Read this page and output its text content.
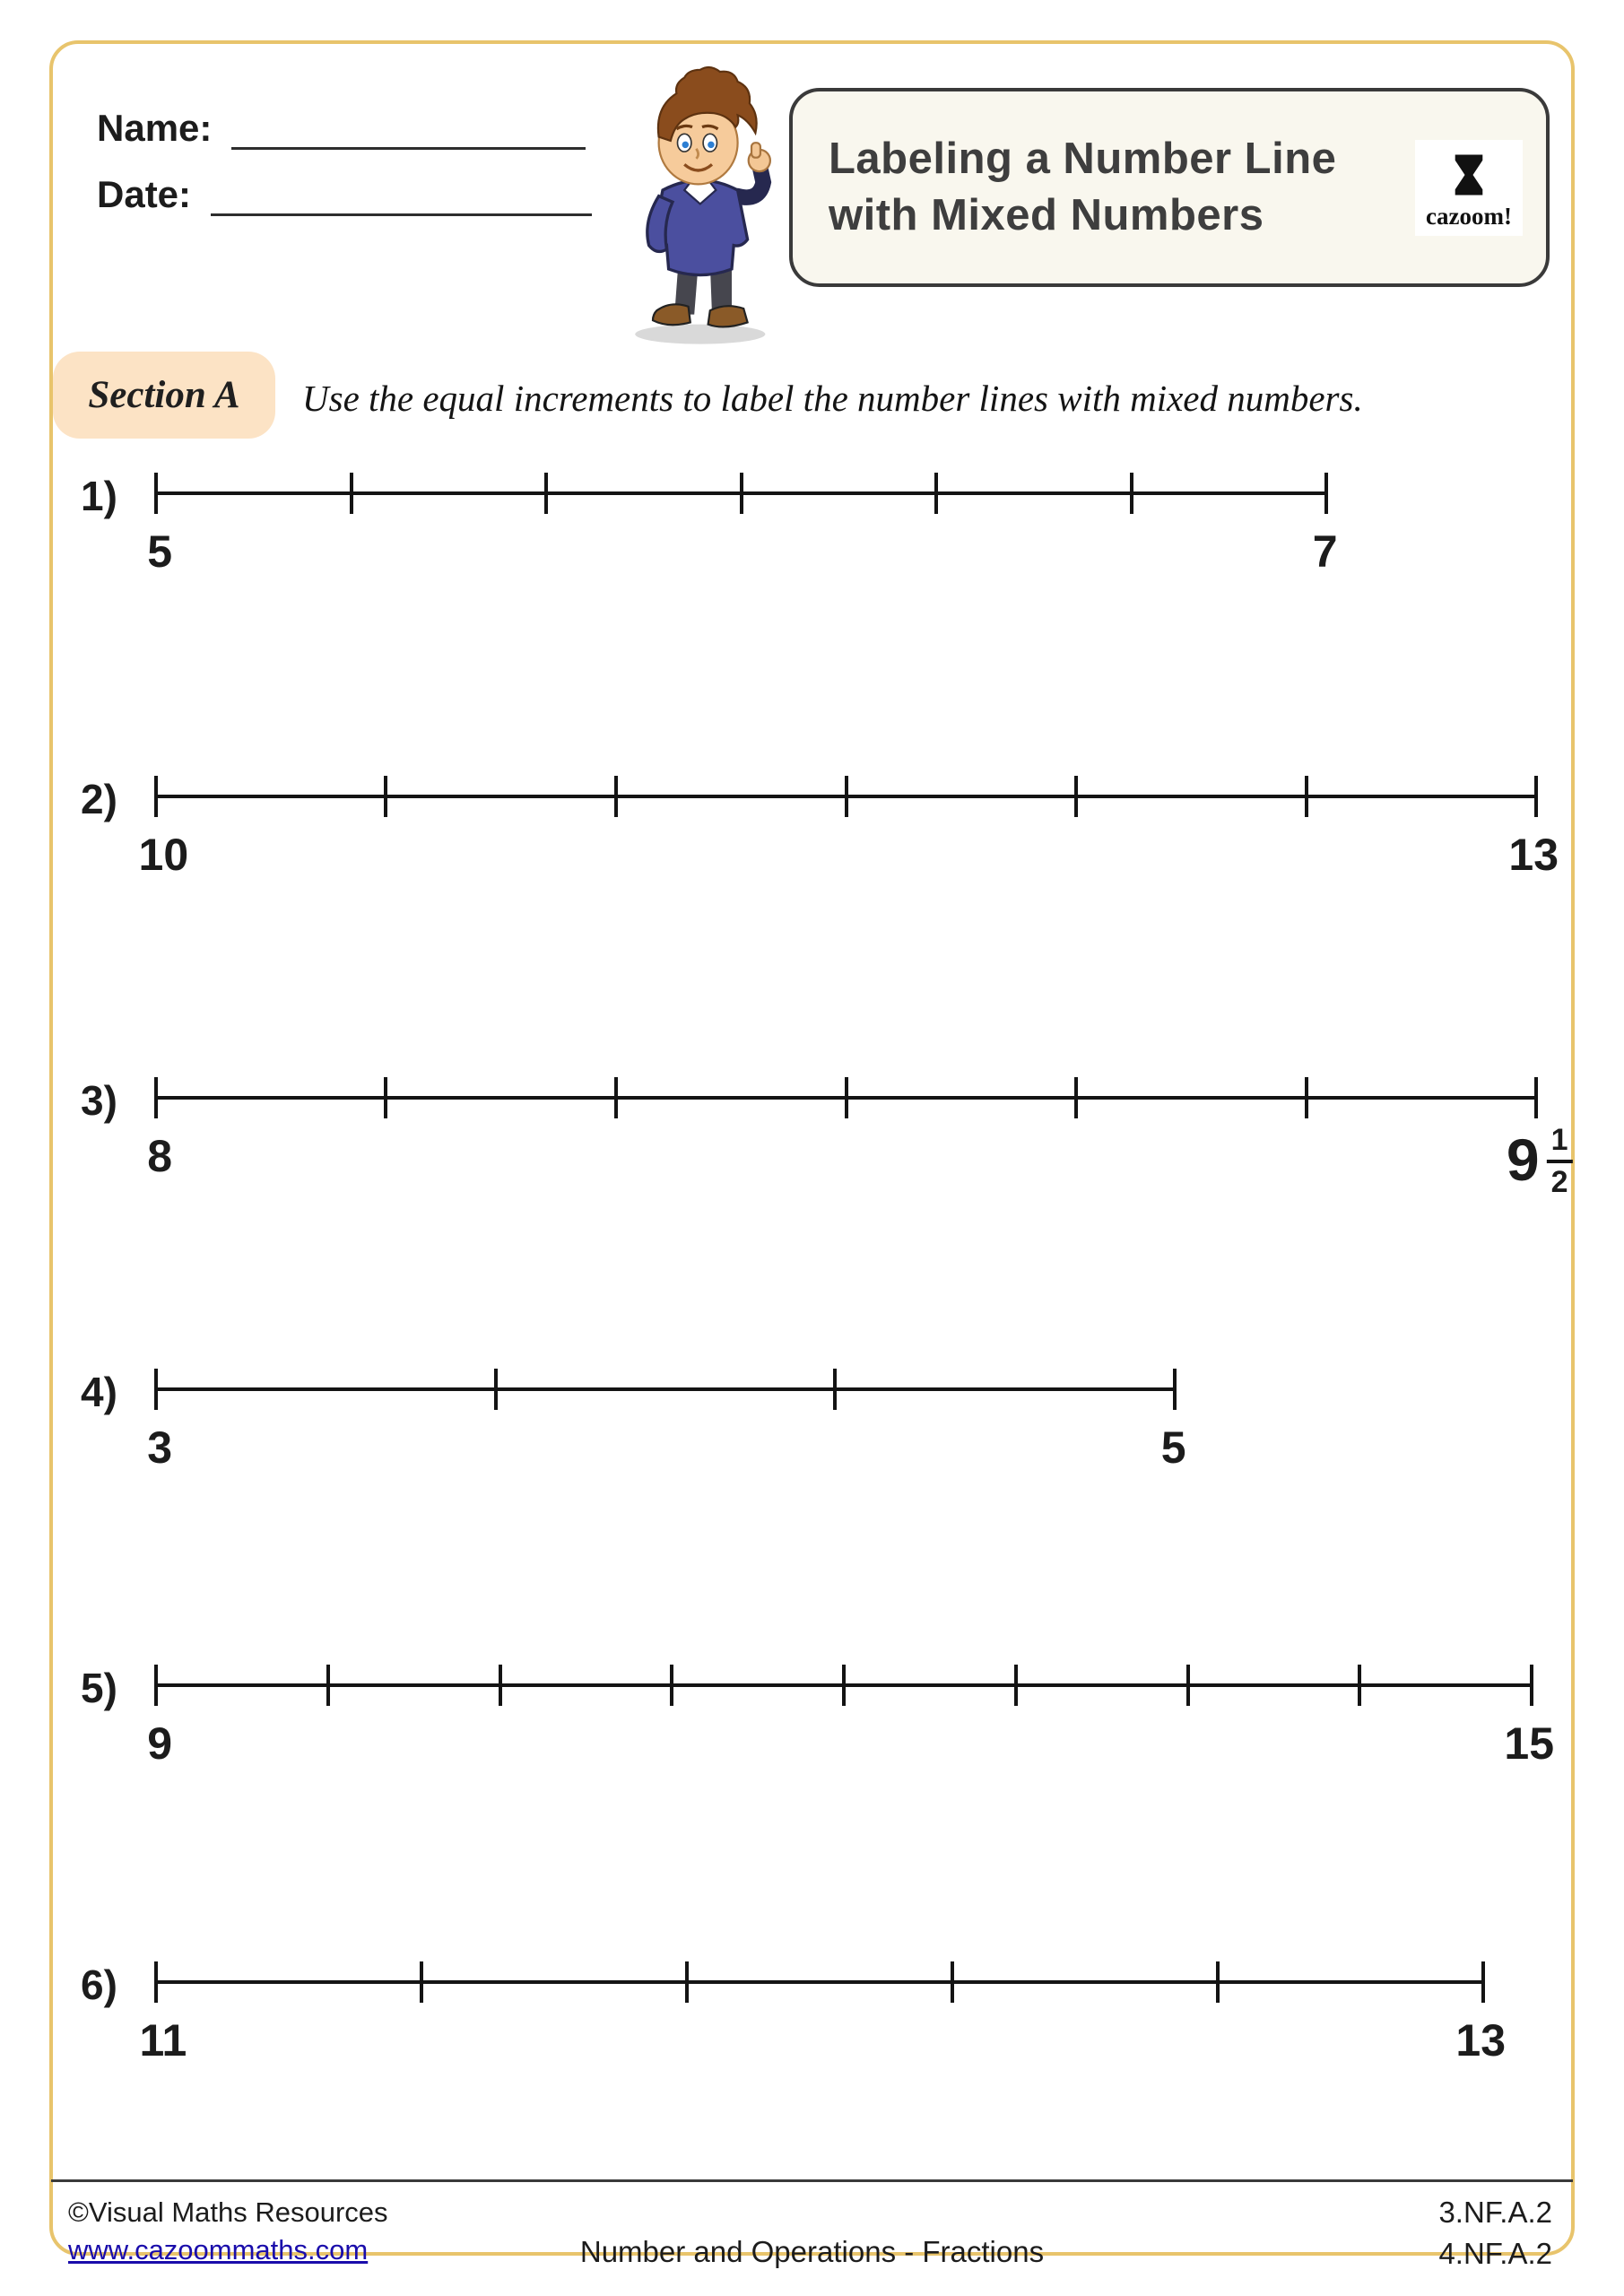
Name:
Date:
Labeling a Number Line
with Mixed Numbers	cazoom!
Section A Use the equal increments to label the number lines with mixed numbers.
1)
5	7
2)
10	13
3)
8	$9 \frac{1}{2}$
4)
3	5
5)
9	15
6)
11	13
©Visual Maths Resources
www.cazoommaths.com	Number and Operations - Fractions
3.NF.A.2
4.NF.A.2
